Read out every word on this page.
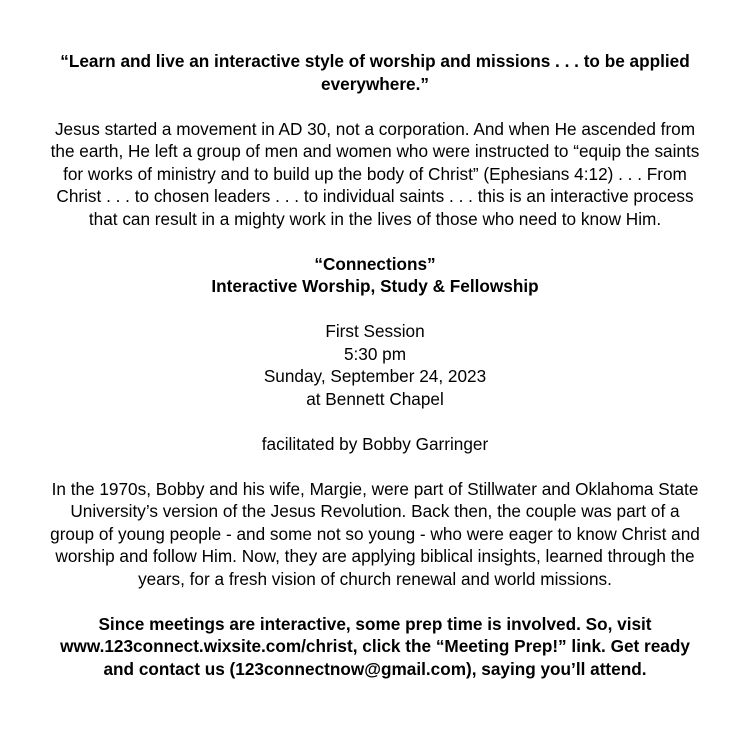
“Learn and live an interactive style of worship and missions . . . to be applied
everywhere.”

Jesus started a movement in AD 30, not a corporation. And when He ascended from
the earth, He left a group of men and women who were instructed to “equip the saints
for works of ministry and to build up the body of Christ” (Ephesians 4:12) . . . From
Christ . . . to chosen leaders . . . to individual saints . . . this is an interactive process
that can result in a mighty work in the lives of those who need to know Him.

“Connections”
Interactive Worship, Study & Fellowship

First Session
5:30 pm
Sunday, September 24, 2023
at Bennett Chapel

facilitated by Bobby Garringer

In the 1970s, Bobby and his wife, Margie, were part of Stillwater and Oklahoma State
University’s version of the Jesus Revolution. Back then, the couple was part of a
group of young people - and some not so young - who were eager to know Christ and
worship and follow Him. Now, they are applying biblical insights, learned through the
years, for a fresh vision of church renewal and world missions.

Since meetings are interactive, some prep time is involved. So, visit
www.123connect.wixsite.com/christ, click the “Meeting Prep!” link. Get ready
and contact us (123connectnow@gmail.com), saying you’ll attend.
